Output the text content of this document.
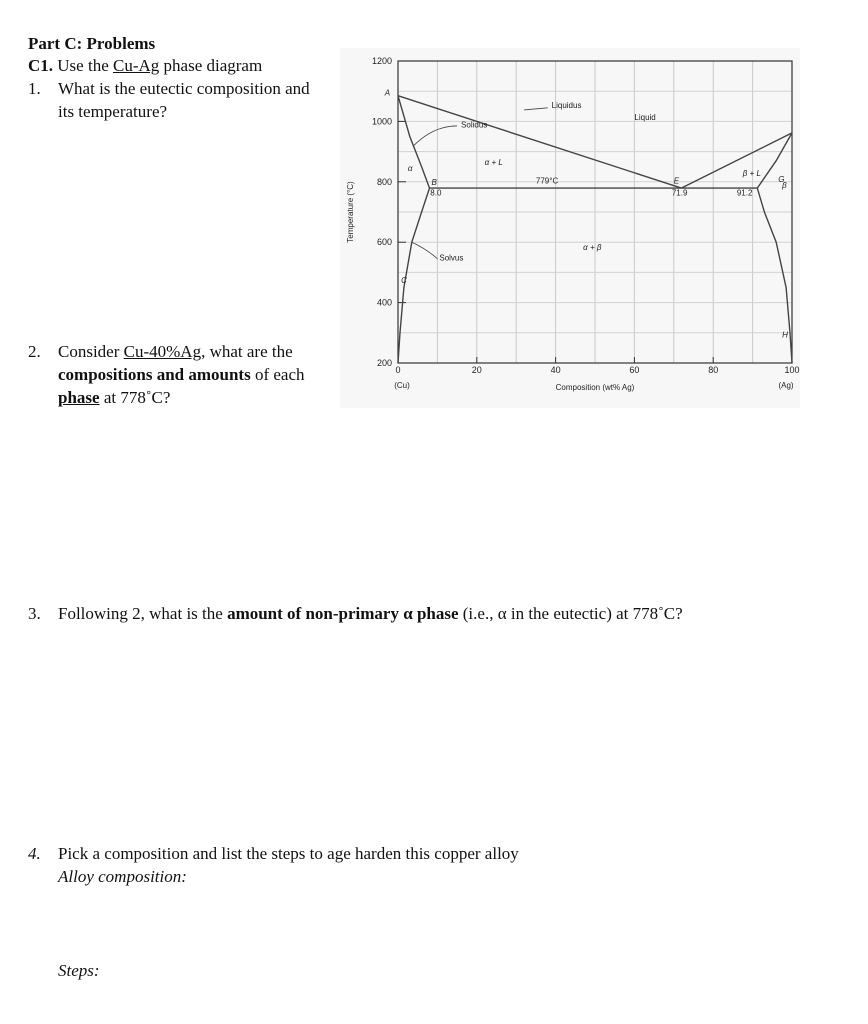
Part C: Problems
C1. Use the Cu-Ag phase diagram
1. What is the eutectic composition and
its temperature?
2. Consider Cu-40%Ag, what are the
compositions and amounts of each
phase at 778˚C?
3. Following 2, what is the amount of non-primary α phase (i.e., α in the eutectic) at 778˚C?
4. Pick a composition and list the steps to age harden this copper alloy
Alloy composition:
Steps:
200
400
600
800
1000
1200
0	20	40	60	80	100
Composition (wt% Ag)
Temperature (°C)
(Cu)	(Ag)
A
B
C
E	G
H
8.0	71.9	91.2
779°C
Liquidus
Solidus
Solvus
Liquid
α
α + L
β + L
β
α + β
